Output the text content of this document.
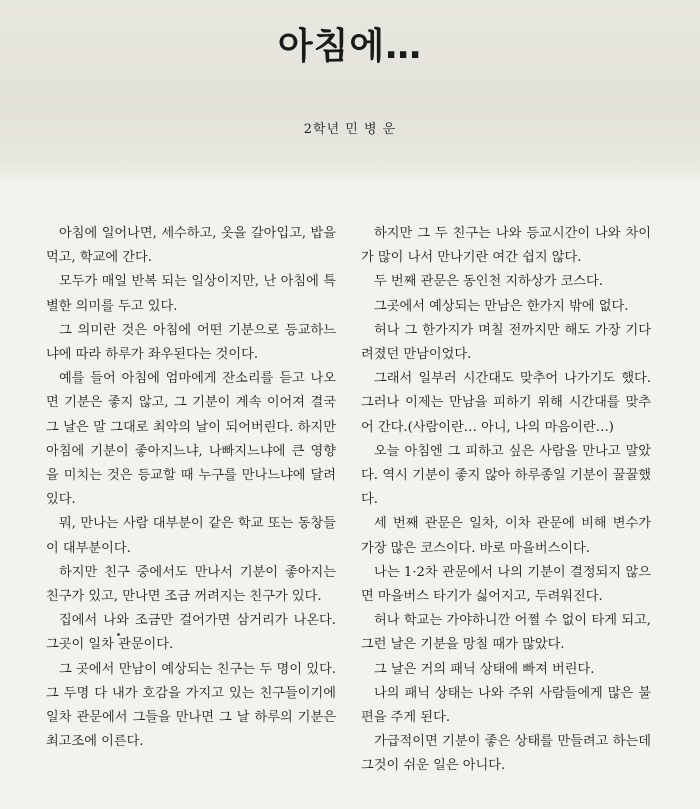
아침에…
2학년 민 병 운

아침에 일어나면, 세수하고, 옷을 갈아입고, 밥을 먹고, 학교에 간다.

모두가 매일 반복 되는 일상이지만, 난 아침에 특별한 의미를 두고 있다.

그 의미란 것은 아침에 어떤 기분으로 등교하느냐에 따라 하루가 좌우된다는 것이다.

예를 들어 아침에 엄마에게 잔소리를 듣고 나오면 기분은 좋지 않고, 그 기분이 계속 이어져 결국 그 날은 말 그대로 최악의 날이 되어버린다. 하지만 아침에 기분이 좋아지느냐, 나빠지느냐에 큰 영향을 미치는 것은 등교할 때 누구를 만나느냐에 달려 있다.

뭐, 만나는 사람 대부분이 같은 학교 또는 동창들이 대부분이다.

하지만 친구 중에서도 만나서 기분이 좋아지는 친구가 있고, 만나면 조금 꺼려지는 친구가 있다.

집에서 나와 조금만 걸어가면 삼거리가 나온다. 그곳이 일차 관문이다.

그 곳에서 만남이 예상되는 친구는 두 명이 있다. 그 두명 다 내가 호감을 가지고 있는 친구들이기에 일차 관문에서 그들을 만나면 그 날 하루의 기분은 최고조에 이른다.

하지만 그 두 친구는 나와 등교시간이 나와 차이가 많이 나서 만나기란 여간 쉽지 않다.

두 번째 관문은 동인천 지하상가 코스다.

그곳에서 예상되는 만남은 한가지 밖에 없다.

허나 그 한가지가 며칠 전까지만 해도 가장 기다려졌던 만남이었다.

그래서 일부러 시간대도 맞추어 나가기도 했다. 그러나 이제는 만남을 피하기 위해 시간대를 맞추어 간다.(사람이란… 아니, 나의 마음이란…)

오늘 아침엔 그 피하고 싶은 사람을 만나고 말았다. 역시 기분이 좋지 않아 하루종일 기분이 꿀꿀했다.

세 번째 관문은 일차, 이차 관문에 비해 변수가 가장 많은 코스이다. 바로 마을버스이다.

나는 1·2차 관문에서 나의 기분이 결정되지 않으면 마을버스 타기가 싫어지고, 두려워진다.

허나 학교는 가야하니깐 어쩔 수 없이 타게 되고, 그런 날은 기분을 망칠 때가 많았다.

그 날은 거의 패닉 상태에 빠져 버린다.

나의 패닉 상태는 나와 주위 사람들에게 많은 불편을 주게 된다.

가급적이면 기분이 좋은 상태를 만들려고 하는데 그것이 쉬운 일은 아니다.
